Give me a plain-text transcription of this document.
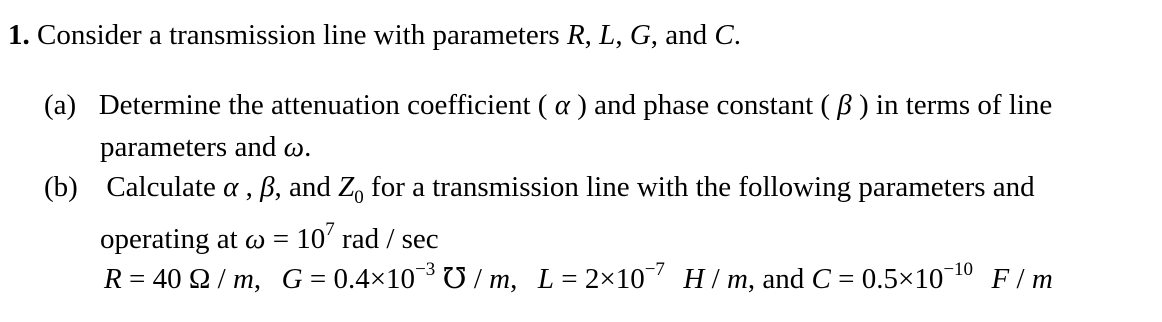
1. Consider a transmission line with parameters R, L, G, and C.
(a) Determine the attenuation coefficient ( α ) and phase constant ( β ) in terms of line
parameters and ω.
(b) Calculate α , β, and $Z_0$ for a transmission line with the following parameters and
operating at $\omega = 10^7$ rad / sec
R = 40 Ω / m, $G = 0.4\times 10^{-3}$ ℧ / m, $L = 2\times 10^{-7}$ H / m, and $C = 0.5\times 10^{-10}$ F / m
